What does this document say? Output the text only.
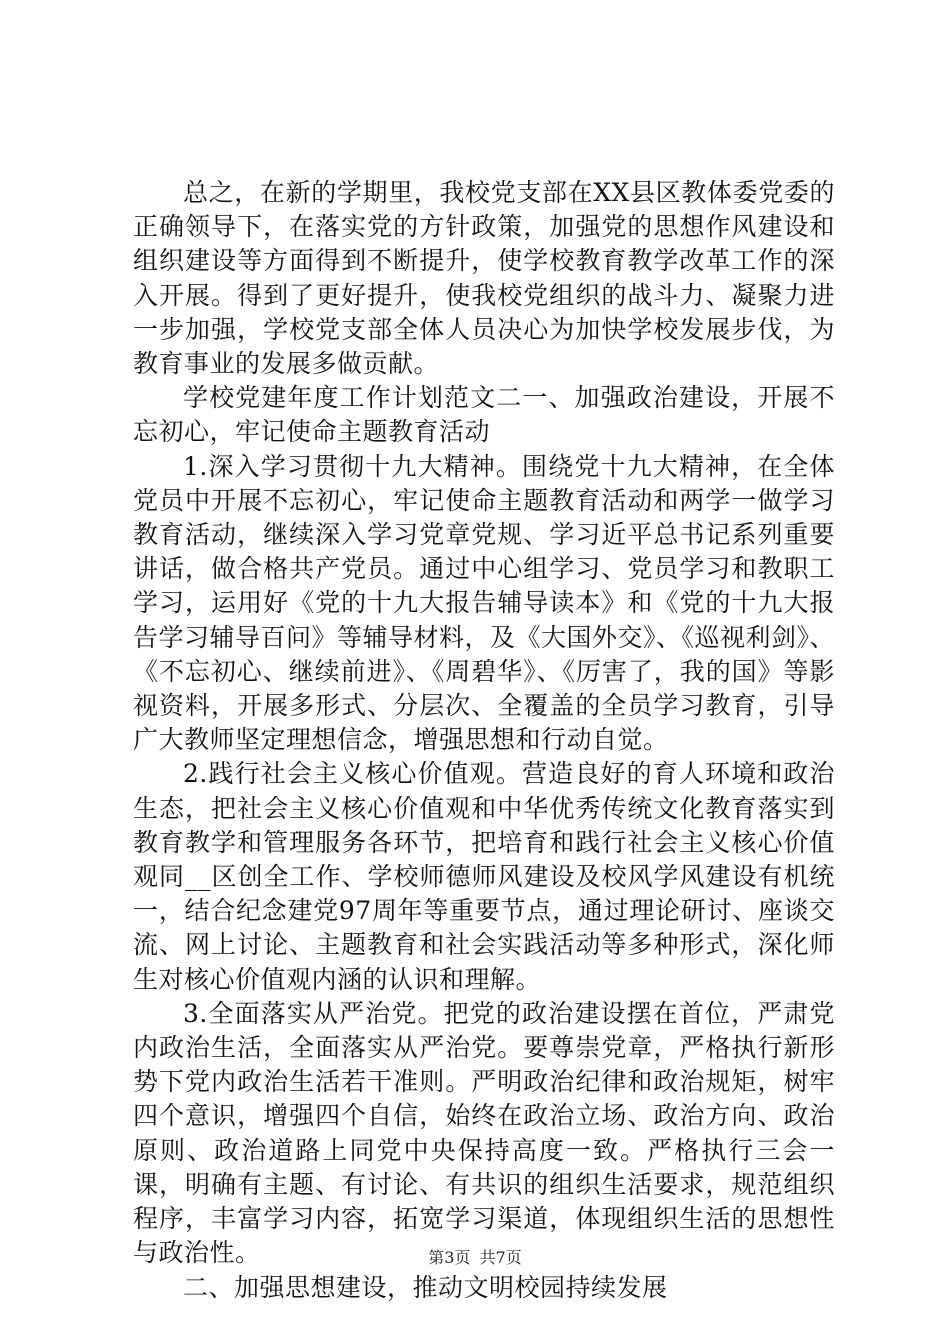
总之，在新的学期里，我校党支部在XX县区教体委党委的正确领导下，在落实党的方针政策，加强党的思想作风建设和组织建设等方面得到不断提升，使学校教育教学改革工作的深入开展。得到了更好提升，使我校党组织的战斗力、凝聚力进一步加强，学校党支部全体人员决心为加快学校发展步伐，为教育事业的发展多做贡献。

学校党建年度工作计划范文二一、加强政治建设，开展不忘初心，牢记使命主题教育活动

1.深入学习贯彻十九大精神。围绕党十九大精神，在全体党员中开展不忘初心，牢记使命主题教育活动和两学一做学习教育活动，继续深入学习党章党规、学习近平总书记系列重要讲话，做合格共产党员。通过中心组学习、党员学习和教职工学习，运用好《党的十九大报告辅导读本》和《党的十九大报告学习辅导百问》等辅导材料，及《大国外交》、《巡视利剑》、《不忘初心、继续前进》、《周碧华》、《厉害了，我的国》等影视资料，开展多形式、分层次、全覆盖的全员学习教育，引导广大教师坚定理想信念，增强思想和行动自觉。

2.践行社会主义核心价值观。营造良好的育人环境和政治生态，把社会主义核心价值观和中华优秀传统文化教育落实到教育教学和管理服务各环节，把培育和践行社会主义核心价值观同__区创全工作、学校师德师风建设及校风学风建设有机统一，结合纪念建党97周年等重要节点，通过理论研讨、座谈交流、网上讨论、主题教育和社会实践活动等多种形式，深化师生对核心价值观内涵的认识和理解。

3.全面落实从严治党。把党的政治建设摆在首位，严肃党内政治生活，全面落实从严治党。要尊崇党章，严格执行新形势下党内政治生活若干准则。严明政治纪律和政治规矩，树牢四个意识，增强四个自信，始终在政治立场、政治方向、政治原则、政治道路上同党中央保持高度一致。严格执行三会一课，明确有主题、有讨论、有共识的组织生活要求，规范组织程序，丰富学习内容，拓宽学习渠道，体现组织生活的思想性与政治性。

二、加强思想建设，推动文明校园持续发展

第3页 共7页
